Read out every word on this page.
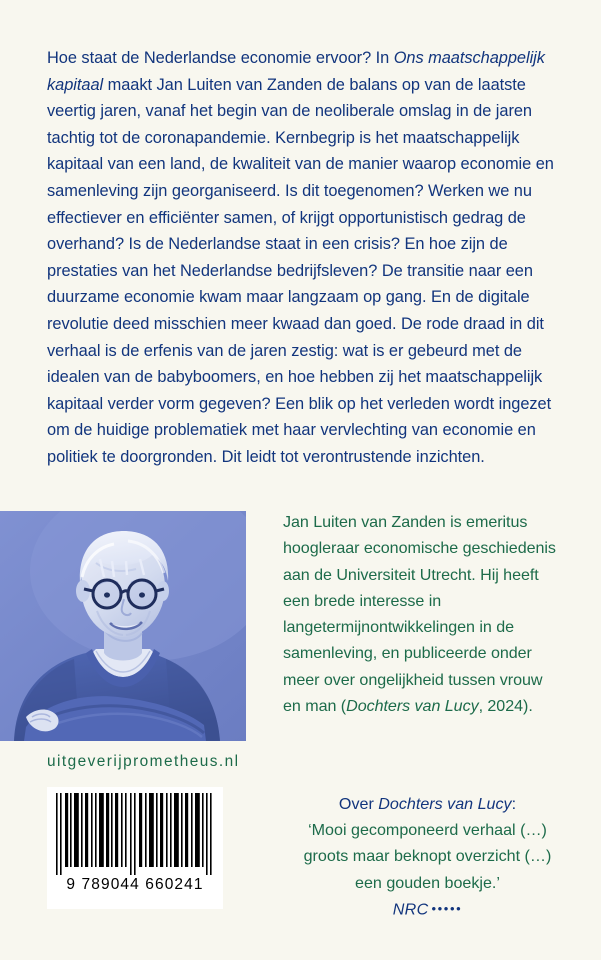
Hoe staat de Nederlandse economie ervoor? In Ons maatschappelijk kapitaal maakt Jan Luiten van Zanden de balans op van de laatste veertig jaren, vanaf het begin van de neoliberale omslag in de jaren tachtig tot de coronapandemie. Kernbegrip is het maatschappelijk kapitaal van een land, de kwaliteit van de manier waarop economie en samenleving zijn georganiseerd. Is dit toegenomen? Werken we nu effectiever en efficiënter samen, of krijgt opportunistisch gedrag de overhand? Is de Nederlandse staat in een crisis? En hoe zijn de prestaties van het Nederlandse bedrijfsleven? De transitie naar een duurzame economie kwam maar langzaam op gang. En de digitale revolutie deed misschien meer kwaad dan goed. De rode draad in dit verhaal is de erfenis van de jaren zestig: wat is er gebeurd met de idealen van de babyboomers, en hoe hebben zij het maatschappelijk kapitaal verder vorm gegeven? Een blik op het verleden wordt ingezet om de huidige problematiek met haar vervlechting van economie en politiek te doorgronden. Dit leidt tot verontrustende inzichten.
Jan Luiten van Zanden is emeritus hoogleraar economische geschiedenis aan de Universiteit Utrecht. Hij heeft een brede interesse in langetermijnontwikkelingen in de samenleving, en publiceerde onder meer over ongelijkheid tussen vrouw en man (Dochters van Lucy, 2024).
uitgeverijprometheus.nl
9 789044 660241
Over Dochters van Lucy:

‘Mooi gecomponeerd verhaal (…)
groots maar beknopt overzicht (…)
een gouden boekje.’
NRC •••••
